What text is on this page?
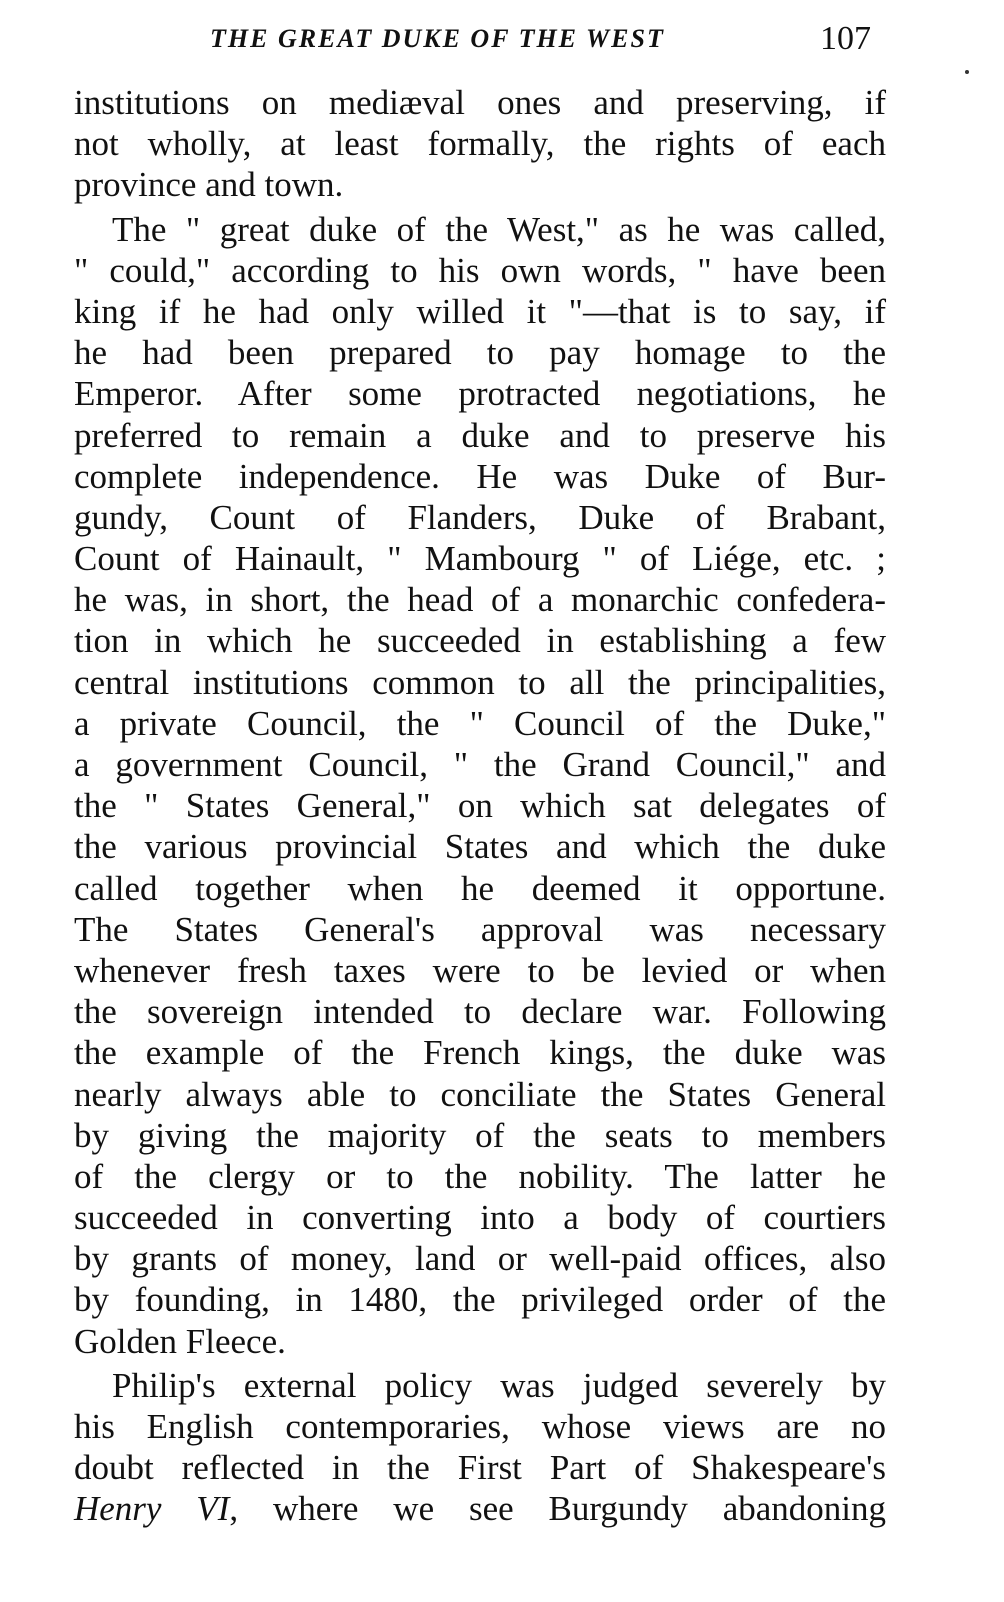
THE GREAT DUKE OF THE WEST	107
institutions on mediæval ones and preserving, if
not wholly, at least formally, the rights of each
province and town.
The " great duke of the West," as he was called,
" could," according to his own words, " have been
king if he had only willed it "—that is to say, if
he had been prepared to pay homage to the
Emperor. After some protracted negotiations, he
preferred to remain a duke and to preserve his
complete independence. He was Duke of Bur-
gundy, Count of Flanders, Duke of Brabant,
Count of Hainault, " Mambourg " of Liége, etc. ;
he was, in short, the head of a monarchic confedera-
tion in which he succeeded in establishing a few
central institutions common to all the principalities,
a private Council, the " Council of the Duke,"
a government Council, " the Grand Council," and
the " States General," on which sat delegates of
the various provincial States and which the duke
called together when he deemed it opportune.
The States General's approval was necessary
whenever fresh taxes were to be levied or when
the sovereign intended to declare war. Following
the example of the French kings, the duke was
nearly always able to conciliate the States General
by giving the majority of the seats to members
of the clergy or to the nobility. The latter he
succeeded in converting into a body of courtiers
by grants of money, land or well-paid offices, also
by founding, in 1480, the privileged order of the
Golden Fleece.
Philip's external policy was judged severely by
his English contemporaries, whose views are no
doubt reflected in the First Part of Shakespeare's
Henry VI, where we see Burgundy abandoning
